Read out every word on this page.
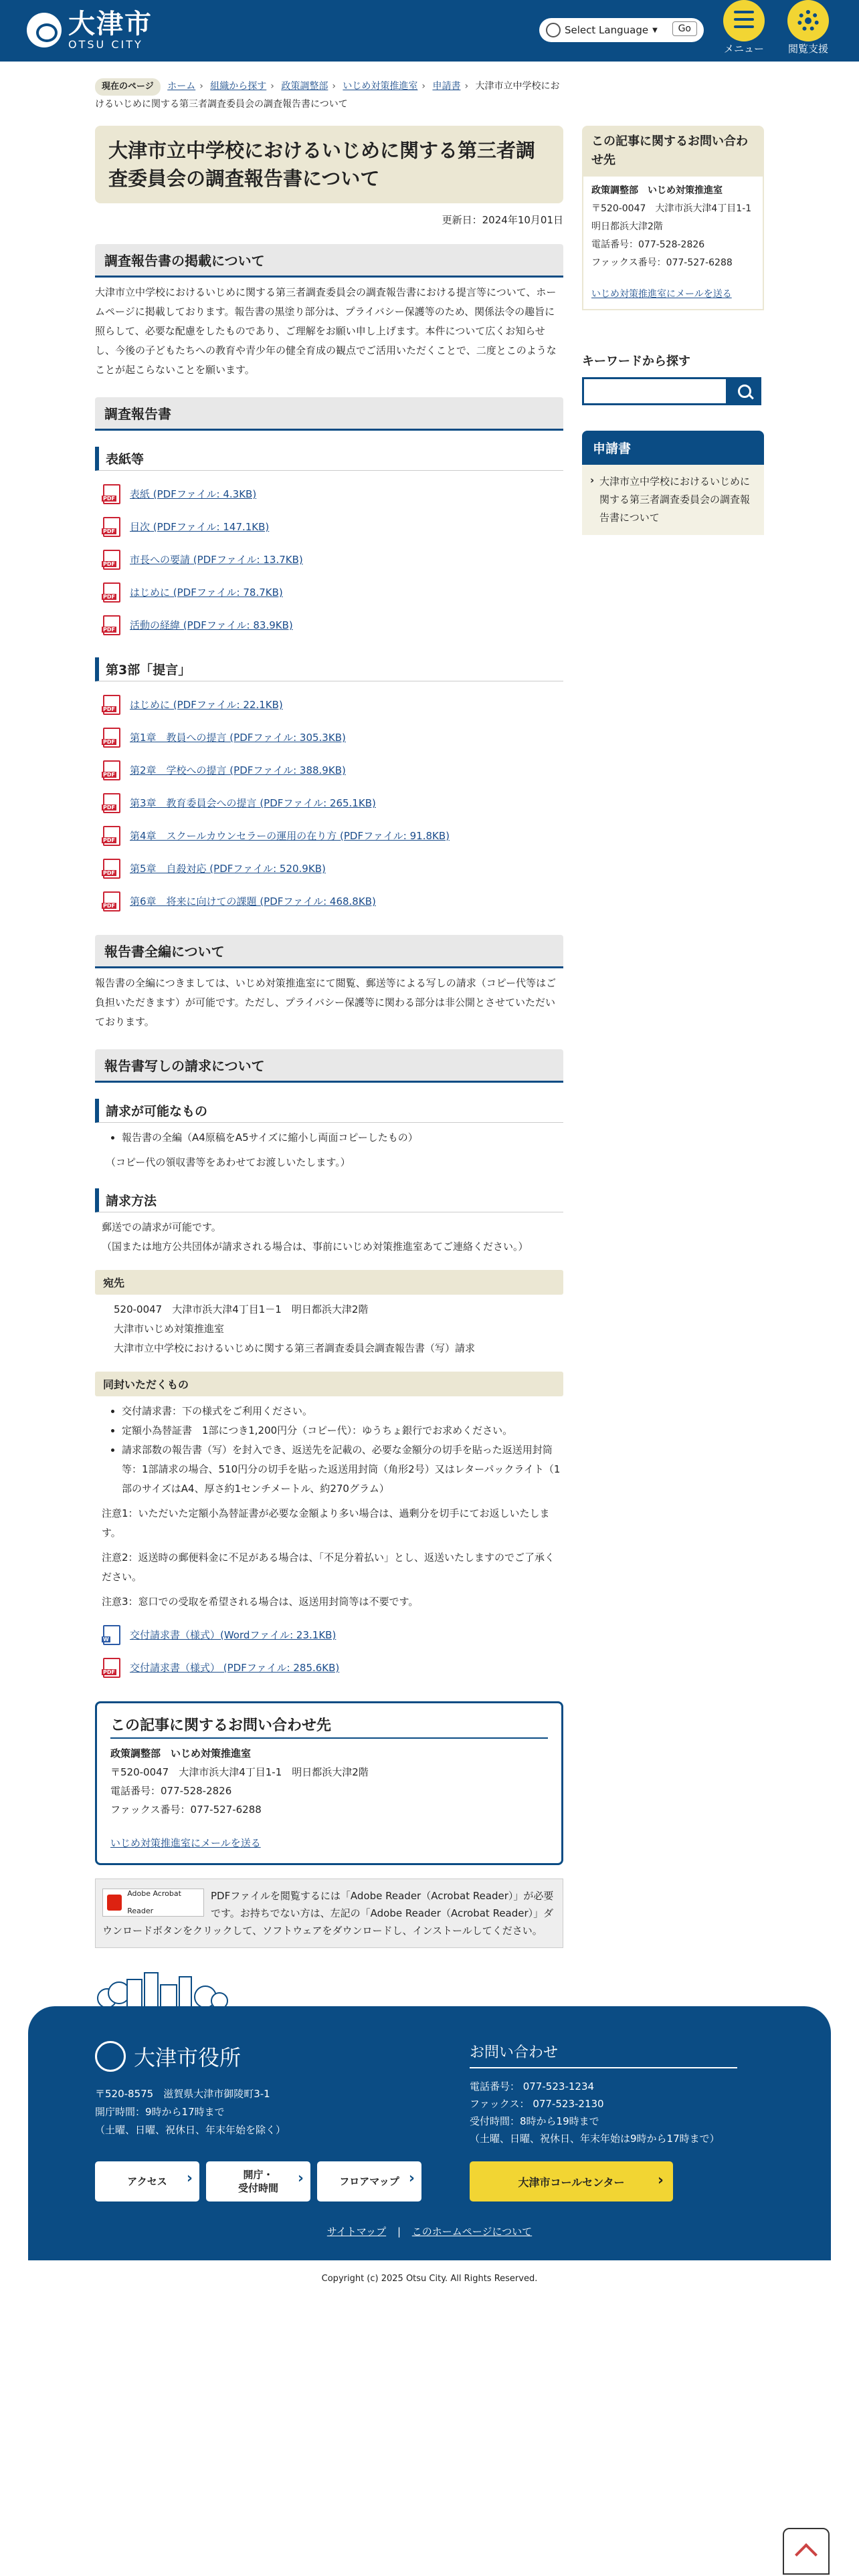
大津市
OTSU CITY
Select Language ▼	Go
メニュー	閲覧支援
現在のページ ホーム › 組織から探す › 政策調整部 › いじめ対策推進室 › 申請書 › 大津市立中学校におけるいじめに関する第三者調査委員会の調査報告書について
大津市立中学校におけるいじめに関する第三者調査委員会の調査報告書について
更新日：2024年10月01日
調査報告書の掲載について
大津市立中学校におけるいじめに関する第三者調査委員会の調査報告書における提言等について、ホームページに掲載しております。報告書の黒塗り部分は、プライバシー保護等のため、関係法令の趣旨に照らして、必要な配慮をしたものであり、ご理解をお願い申し上げます。本件について広くお知らせし、今後の子どもたちへの教育や青少年の健全育成の観点でご活用いただくことで、二度とこのようなことが起こらないことを願います。
調査報告書
表紙等
PDF
表紙 (PDFファイル: 4.3KB)
PDF
目次 (PDFファイル: 147.1KB)
PDF
市長への要請 (PDFファイル: 13.7KB)
PDF
はじめに (PDFファイル: 78.7KB)
PDF
活動の経緯 (PDFファイル: 83.9KB)
第3部「提言」
PDF
はじめに (PDFファイル: 22.1KB)
PDF
第1章　教員への提言 (PDFファイル: 305.3KB)
PDF
第2章　学校への提言 (PDFファイル: 388.9KB)
PDF
第3章　教育委員会への提言 (PDFファイル: 265.1KB)
PDF
第4章　スクールカウンセラーの運用の在り方 (PDFファイル: 91.8KB)
PDF
第5章　自殺対応 (PDFファイル: 520.9KB)
PDF
第6章　将来に向けての課題 (PDFファイル: 468.8KB)
報告書全編について
報告書の全編につきましては、いじめ対策推進室にて閲覧、郵送等による写しの請求（コピー代等はご負担いただきます）が可能です。ただし、プライバシー保護等に関わる部分は非公開とさせていただいております。
報告書写しの請求について
請求が可能なもの
• 報告書の全編（A4原稿をA5サイズに縮小し両面コピーしたもの）
（コピー代の領収書等をあわせてお渡しいたします。）
請求方法
郵送での請求が可能です。
（国または地方公共団体が請求される場合は、事前にいじめ対策推進室あてご連絡ください。）
宛先
520-0047　大津市浜大津4丁目1－1　明日都浜大津2階
大津市いじめ対策推進室
大津市立中学校におけるいじめに関する第三者調査委員会調査報告書（写）請求
同封いただくもの
• 交付請求書：下の様式をご利用ください。
• 定額小為替証書　1部につき1,200円分（コピー代）：ゆうちょ銀行でお求めください。
• 請求部数の報告書（写）を封入でき、返送先を記載の、必要な金額分の切手を貼った返送用封筒等：1部請求の場合、510円分の切手を貼った返送用封筒（角形2号）又はレターパックライト（1部のサイズはA4、厚さ約1センチメートル、約270グラム）
注意1：いただいた定額小為替証書が必要な金額より多い場合は、過剰分を切手にてお返しいたします。
注意2：返送時の郵便料金に不足がある場合は、「不足分着払い」とし、返送いたしますのでご了承ください。
注意3：窓口での受取を希望される場合は、返送用封筒等は不要です。
W
交付請求書（様式）(Wordファイル: 23.1KB)
PDF
交付請求書（様式） (PDFファイル: 285.6KB)
この記事に関するお問い合わせ先
政策調整部　いじめ対策推進室
〒520-0047　大津市浜大津4丁目1-1　明日都浜大津2階
電話番号：077-528-2826
ファックス番号：077-527-6288
いじめ対策推進室にメールを送る
Adobe Acrobat Reader
PDFファイルを閲覧するには「Adobe Reader（Acrobat Reader）」が必要です。お持ちでない方は、左記の「Adobe Reader（Acrobat Reader）」ダウンロードボタンをクリックして、ソフトウェアをダウンロードし、インストールしてください。
この記事に関するお問い合わせ先
政策調整部　いじめ対策推進室
〒520-0047　大津市浜大津4丁目1-1　明日都浜大津2階
電話番号：077-528-2826
ファックス番号：077-527-6288
いじめ対策推進室にメールを送る
キーワードから探す
申請書
› 大津市立中学校におけるいじめに関する第三者調査委員会の調査報告書について
大津市役所
〒520-8575　滋賀県大津市御陵町3-1
開庁時間：9時から17時まで
（土曜、日曜、祝休日、年末年始を除く）
アクセス
›
開庁・
受付時間
›
フロアマップ
›
お問い合わせ
電話番号： 077-523-1234
ファックス： 077-523-2130
受付時間：8時から19時まで
（土曜、日曜、祝休日、年末年始は9時から17時まで）
大津市コールセンター
›
サイトマップ | このホームページについて
Copyright (c) 2025 Otsu City. All Rights Reserved.
